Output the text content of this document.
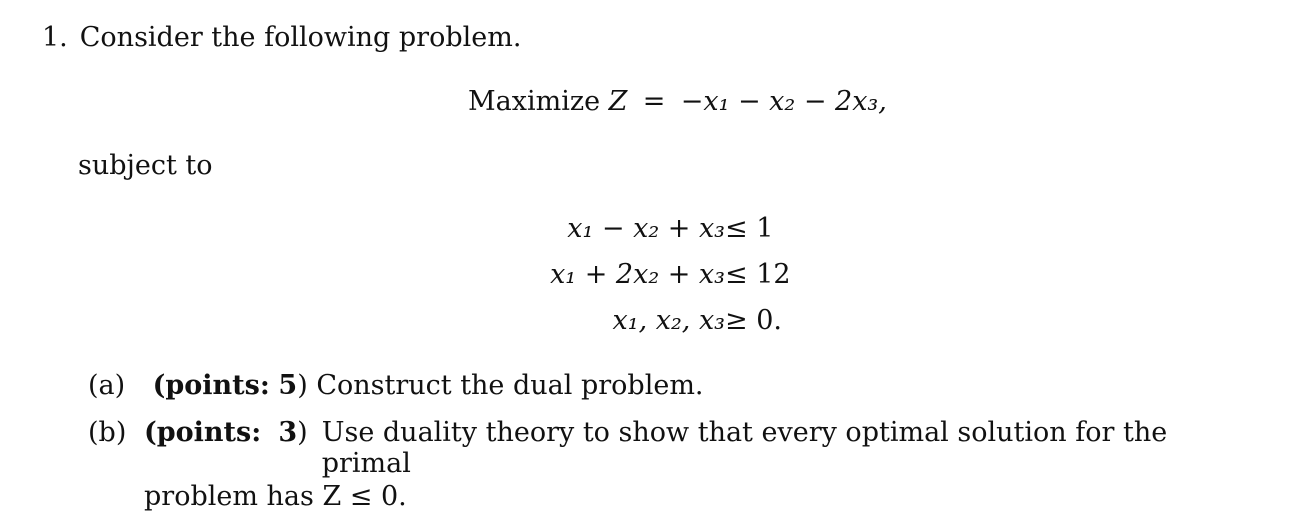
1. Consider the following problem.
Maximize Z = −x₁ − x₂ − 2x₃,
subject to
x₁ − x₂ + x₃ ≤ 1
x₁ + 2x₂ + x₃ ≤ 12
x₁, x₂, x₃ ≥ 0.
(a) (points: 5) Construct the dual problem.
(b) (points: 3) Use duality theory to show that every optimal solution for the primal
problem has Z ≤ 0.
